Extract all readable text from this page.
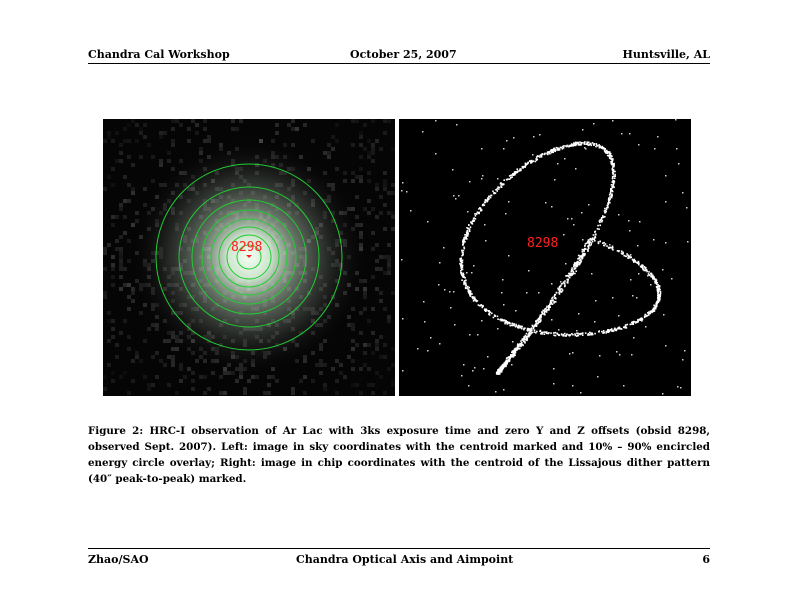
Chandra Cal Workshop	October 25, 2007	Huntsville, AL
8298	8298
Figure 2: HRC-I observation of Ar Lac with 3ks exposure time and zero Y and Z offsets (obsid 8298, observed Sept. 2007). Left: image in sky coordinates with the centroid marked and 10% – 90% encircled energy circle overlay; Right: image in chip coordinates with the centroid of the Lissajous dither pattern (40″ peak-to-peak) marked.
Zhao/SAO	Chandra Optical Axis and Aimpoint	6
